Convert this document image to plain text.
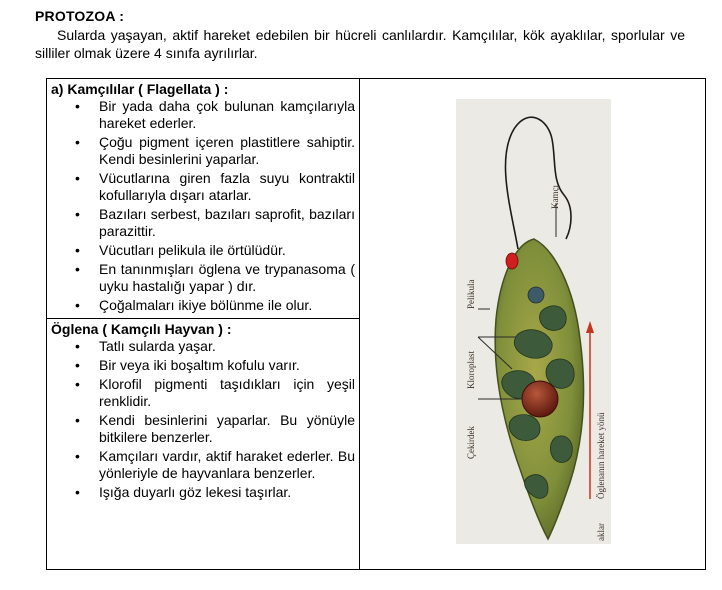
PROTOZOA :

Sularda yaşayan, aktif hareket edebilen bir hücreli canlılardır. Kamçılılar, kök ayaklılar, sporlular ve silliler olmak üzere 4 sınıfa ayrılırlar.

a) Kamçılılar ( Flagellata ) :
• Bir yada daha çok bulunan kamçılarıyla hareket ederler.
• Çoğu pigment içeren plastitlere sahiptir. Kendi besinlerini yaparlar.
• Vücutlarına giren fazla suyu kontraktil kofullarıyla dışarı atarlar.
• Bazıları serbest, bazıları saprofit, bazıları parazittir.
• Vücutları pelikula ile örtülüdür.
• En tanınmışları öglena ve trypanasoma ( uyku hastalığı yapar ) dır.
• Çoğalmaları ikiye bölünme ile olur.
Öglena ( Kamçılı Hayvan ) :
• Tatlı sularda yaşar.
• Bir veya iki boşaltım kofulu varır.
• Klorofil pigmenti taşıdıkları için yeşil renklidir.
• Kendi besinlerini yaparlar. Bu yönüyle bitkilere benzerler.
• Kamçıları vardır, aktif haraket ederler. Bu yönleriyle de hayvanlara benzerler.
• Işığa duyarlı göz lekesi taşırlar.

Kamçı
Pelikula
Kloroplast
Çekirdek	Öglenanın hareket yönü
aklar
